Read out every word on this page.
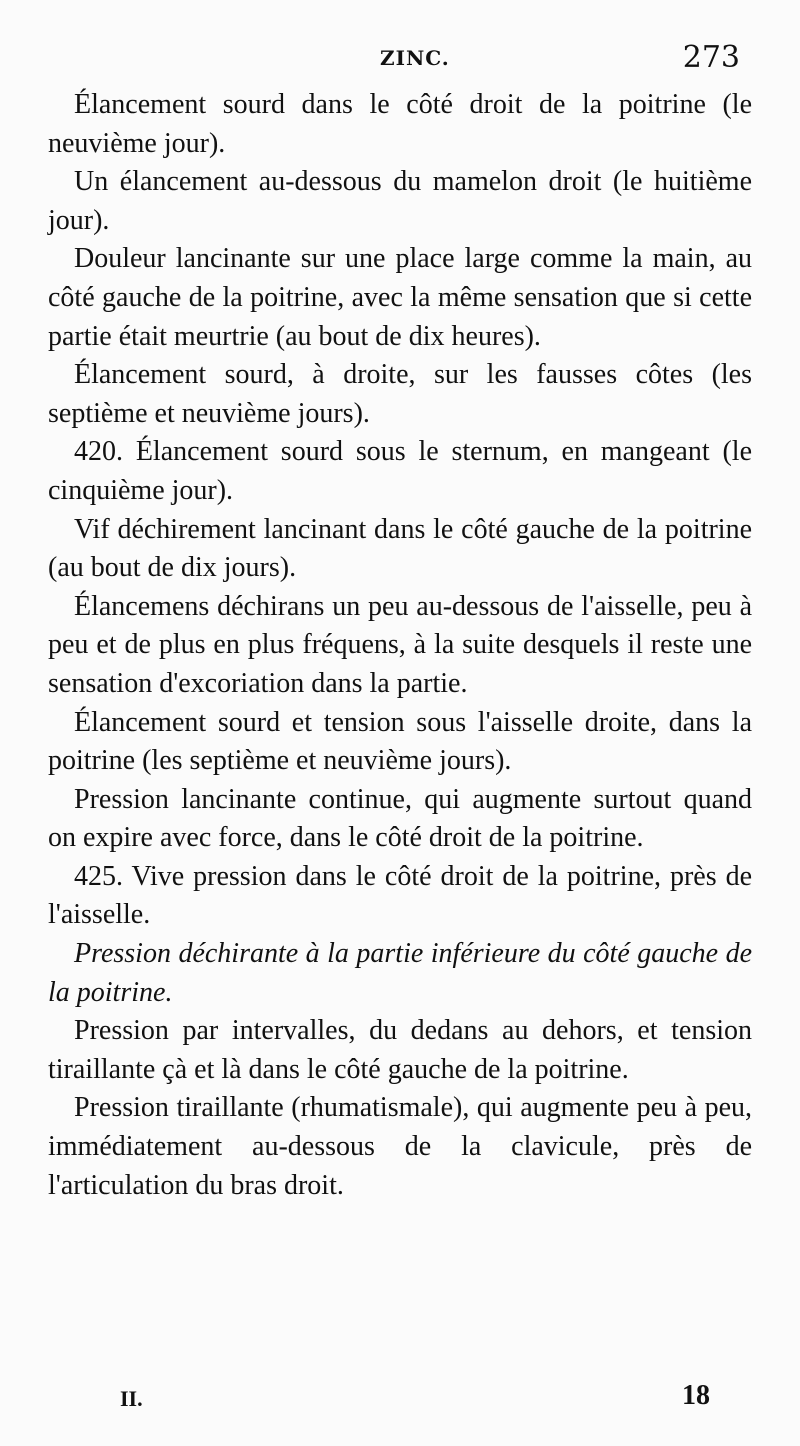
ZINC.	273

Élancement sourd dans le côté droit de la poitrine (le neuvième jour).

Un élancement au-dessous du mamelon droit (le huitième jour).

Douleur lancinante sur une place large comme la main, au côté gauche de la poitrine, avec la même sensation que si cette partie était meurtrie (au bout de dix heures).

Élancement sourd, à droite, sur les fausses côtes (les septième et neuvième jours).

420. Élancement sourd sous le sternum, en mangeant (le cinquième jour).

Vif déchirement lancinant dans le côté gauche de la poitrine (au bout de dix jours).

Élancemens déchirans un peu au-dessous de l'aisselle, peu à peu et de plus en plus fréquens, à la suite desquels il reste une sensation d'excoriation dans la partie.

Élancement sourd et tension sous l'aisselle droite, dans la poitrine (les septième et neuvième jours).

Pression lancinante continue, qui augmente surtout quand on expire avec force, dans le côté droit de la poitrine.

425. Vive pression dans le côté droit de la poitrine, près de l'aisselle.

Pression déchirante à la partie inférieure du côté gauche de la poitrine.

Pression par intervalles, du dedans au dehors, et tension tiraillante çà et là dans le côté gauche de la poitrine.

Pression tiraillante (rhumatismale), qui augmente peu à peu, immédiatement au-dessous de la clavicule, près de l'articulation du bras droit.

II.	18
